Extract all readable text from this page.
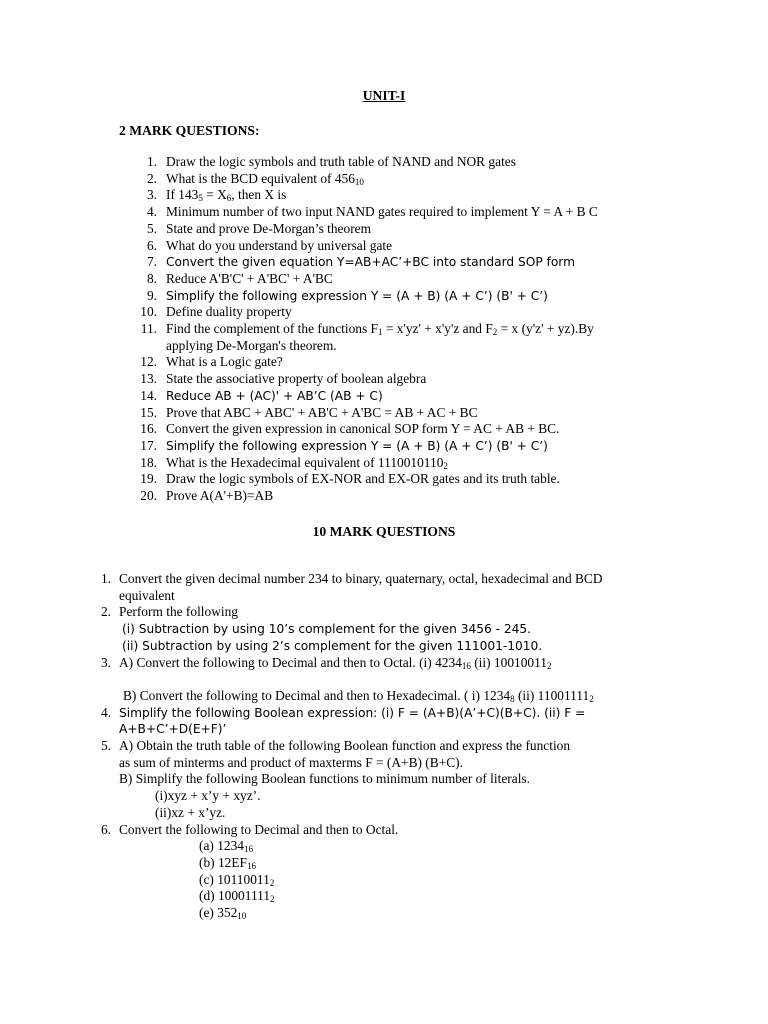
UNIT-I
2 MARK QUESTIONS:
1. Draw the logic symbols and truth table of NAND and NOR gates
2. What is the BCD equivalent of $456_{10}$
3. If $143_5 = X_6$, then X is
4. Minimum number of two input NAND gates required to implement Y = A + B C
5. State and prove De-Morgan’s theorem
6. What do you understand by universal gate
7. Convert the given equation Y=AB+AC’+BC into standard SOP form
8. Reduce A'B'C' + A'BC' + A'BC
9. Simplify the following expression Y = (A + B) (A + C’) (B' + C’)
10. Define duality property
11. Find the complement of the functions $F_1 = x'yz' + x'y'z$ and $F_2 = x$ (y'z' + yz).By
applying De-Morgan's theorem.
12. What is a Logic gate?
13. State the associative property of boolean algebra
14. Reduce AB + (AC)' + AB’C (AB + C)
15. Prove that ABC + ABC' + AB'C + A'BC = AB + AC + BC
16. Convert the given expression in canonical SOP form Y = AC + AB + BC.
17. Simplify the following expression Y = (A + B) (A + C’) (B' + C’)
18. What is the Hexadecimal equivalent of $1110010110_2$
19. Draw the logic symbols of EX-NOR and EX-OR gates and its truth table.
20. Prove A(A'+B)=AB
10 MARK QUESTIONS
1. Convert the given decimal number 234 to binary, quaternary, octal, hexadecimal and BCD
equivalent
2. Perform the following
(i) Subtraction by using 10’s complement for the given 3456 - 245.
(ii) Subtraction by using 2’s complement for the given 111001-1010.
3. A) Convert the following to Decimal and then to Octal. (i) $4234_{16}$ (ii) $10010011_2$
B) Convert the following to Decimal and then to Hexadecimal. ( i) $1234_8$ (ii) $11001111_2$
4. Simplify the following Boolean expression: (i) F = (A+B)(A’+C)(B+C). (ii) F =
A+B+C’+D(E+F)’
5. A) Obtain the truth table of the following Boolean function and express the function
as sum of minterms and product of maxterms F = (A+B) (B+C).
B) Simplify the following Boolean functions to minimum number of literals.
(i)xyz + x’y + xyz’.
(ii)xz + x’yz.
6. Convert the following to Decimal and then to Octal.
(a) $1234_{16}$
(b) $12EF_{16}$
(c) $10110011_2$
(d) $10001111_2$
(e) $352_{10}$
